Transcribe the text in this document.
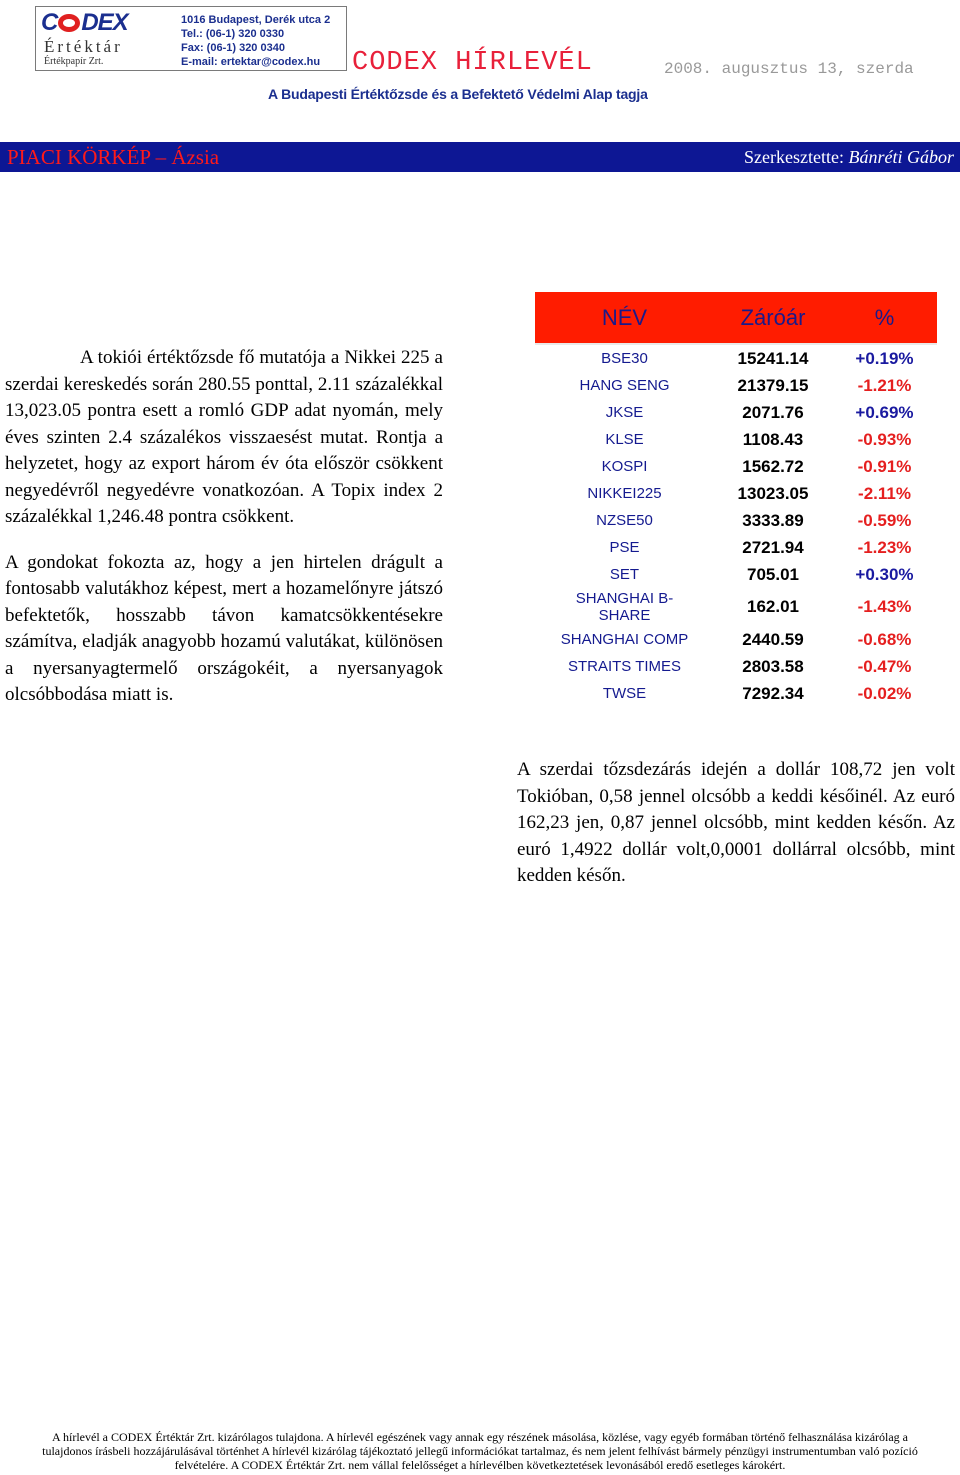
C DEX
Értéktár
Értékpapír Zrt.
1016 Budapest, Derék utca 2
Tel.: (06-1) 320 0330
Fax: (06-1) 320 0340
E-mail: ertektar@codex.hu	CODEX HÍRLEVÉL	2008. augusztus 13, szerda
A Budapesti Értéktőzsde és a Befektető Védelmi Alap tagja
PIACI KÖRKÉP – Ázsia	Szerkesztette: Bánréti Gábor

A tokiói értéktőzsde fő mutatója a Nikkei 225 a szerdai kereskedés során 280.55 ponttal, 2.11 százalékkal 13,023.05 pontra esett a romló GDP adat nyomán, mely éves szinten 2.4 százalékos visszaesést mutat. Rontja a helyzetet, hogy az export három év óta először csökkent negyedévről negyedévre vonatkozóan. A Topix index 2 százalékkal 1,246.48 pontra csökkent.

A gondokat fokozta az, hogy a jen hirtelen drágult a fontosabb valutákhoz képest, mert a hozamelőnyre játszó befektetők, hosszabb távon kamatcsökkentésekre számítva, eladják anagyobb hozamú valutákat, különösen a nyersanyagtermelő országokéit, a nyersanyagok olcsóbbodása miatt is.

NÉV	Záróár	%
BSE30	15241.14	+0.19%
HANG SENG	21379.15	-1.21%
JKSE	2071.76	+0.69%
KLSE	1108.43	-0.93%
KOSPI	1562.72	-0.91%
NIKKEI225	13023.05	-2.11%
NZSE50	3333.89	-0.59%
PSE	2721.94	-1.23%
SET	705.01	+0.30%
SHANGHAI B-SHARE	162.01	-1.43%
SHANGHAI COMP	2440.59	-0.68%
STRAITS TIMES	2803.58	-0.47%
TWSE	7292.34	-0.02%

A szerdai tőzsdezárás idején a dollár 108,72 jen volt Tokióban, 0,58 jennel olcsóbb a keddi későinél. Az euró 162,23 jen, 0,87 jennel olcsóbb, mint kedden későn. Az euró 1,4922 dollár volt,0,0001 dollárral olcsóbb, mint kedden későn.

A hírlevél a CODEX Értéktár Zrt. kizárólagos tulajdona. A hírlevél egészének vagy annak egy részének másolása, közlése, vagy egyéb formában történő felhasználása kizárólag a
tulajdonos írásbeli hozzájárulásával történhet A hírlevél kizárólag tájékoztató jellegű információkat tartalmaz, és nem jelent felhívást bármely pénzügyi instrumentumban való pozíció
felvételére. A CODEX Értéktár Zrt. nem vállal felelősséget a hírlevélben következtetések levonásából eredő esetleges károkért.
